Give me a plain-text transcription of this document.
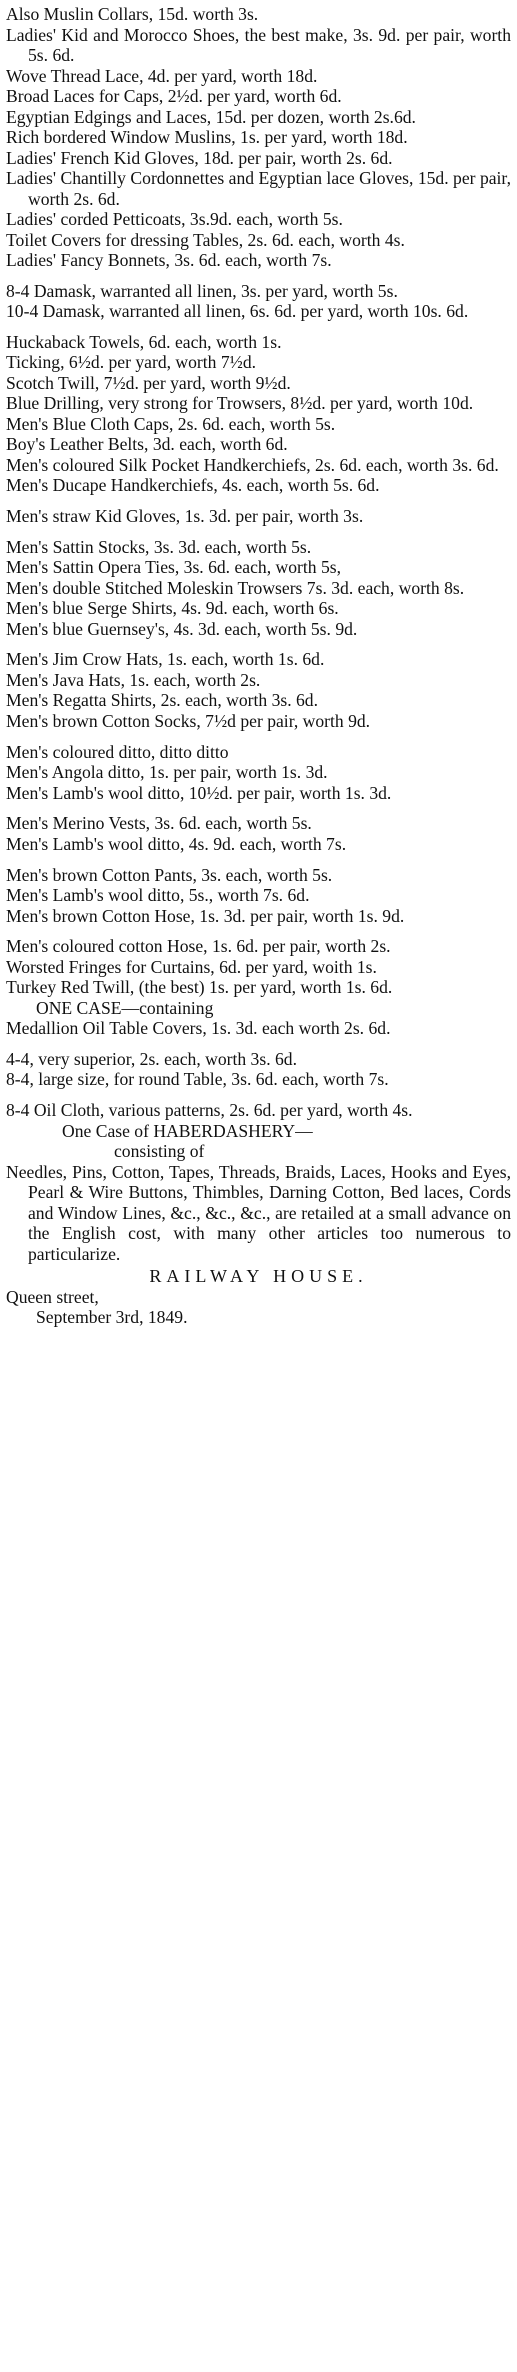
Also Muslin Collars, 15d. worth 3s.

Ladies' Kid and Morocco Shoes, the best make, 3s. 9d. per pair, worth 5s. 6d.

Wove Thread Lace, 4d. per yard, worth 18d.

Broad Laces for Caps, 2½d. per yard, worth 6d.

Egyptian Edgings and Laces, 15d. per dozen, worth 2s.6d.

Rich bordered Window Muslins, 1s. per yard, worth 18d.

Ladies' French Kid Gloves, 18d. per pair, worth 2s. 6d.

Ladies' Chantilly Cordonnettes and Egyptian lace Gloves, 15d. per pair, worth 2s. 6d.

Ladies' corded Petticoats, 3s.9d. each, worth 5s.

Toilet Covers for dressing Tables, 2s. 6d. each, worth 4s.

Ladies' Fancy Bonnets, 3s. 6d. each, worth 7s.

8-4 Damask, warranted all linen, 3s. per yard, worth 5s.

10-4 Damask, warranted all linen, 6s. 6d. per yard, worth 10s. 6d.

Huckaback Towels, 6d. each, worth 1s.

Ticking, 6½d. per yard, worth 7½d.

Scotch Twill, 7½d. per yard, worth 9½d.

Blue Drilling, very strong for Trowsers, 8½d. per yard, worth 10d.

Men's Blue Cloth Caps, 2s. 6d. each, worth 5s.

Boy's Leather Belts, 3d. each, worth 6d.

Men's coloured Silk Pocket Handkerchiefs, 2s. 6d. each, worth 3s. 6d.

Men's Ducape Handkerchiefs, 4s. each, worth 5s. 6d.

Men's straw Kid Gloves, 1s. 3d. per pair, worth 3s.

Men's Sattin Stocks, 3s. 3d. each, worth 5s.

Men's Sattin Opera Ties, 3s. 6d. each, worth 5s,

Men's double Stitched Moleskin Trowsers 7s. 3d. each, worth 8s.

Men's blue Serge Shirts, 4s. 9d. each, worth 6s.

Men's blue Guernsey's, 4s. 3d. each, worth 5s. 9d.

Men's Jim Crow Hats, 1s. each, worth 1s. 6d.

Men's Java Hats, 1s. each, worth 2s.

Men's Regatta Shirts, 2s. each, worth 3s. 6d.

Men's brown Cotton Socks, 7½d per pair, worth 9d.

Men's coloured ditto, ditto ditto

Men's Angola ditto, 1s. per pair, worth 1s. 3d.

Men's Lamb's wool ditto, 10½d. per pair, worth 1s. 3d.

Men's Merino Vests, 3s. 6d. each, worth 5s.

Men's Lamb's wool ditto, 4s. 9d. each, worth 7s.

Men's brown Cotton Pants, 3s. each, worth 5s.

Men's Lamb's wool ditto, 5s., worth 7s. 6d.

Men's brown Cotton Hose, 1s. 3d. per pair, worth 1s. 9d.

Men's coloured cotton Hose, 1s. 6d. per pair, worth 2s.

Worsted Fringes for Curtains, 6d. per yard, woith 1s.

Turkey Red Twill, (the best) 1s. per yard, worth 1s. 6d.

ONE CASE—containing

Medallion Oil Table Covers, 1s. 3d. each worth 2s. 6d.

4-4, very superior, 2s. each, worth 3s. 6d.

8-4, large size, for round Table, 3s. 6d. each, worth 7s.

8-4 Oil Cloth, various patterns, 2s. 6d. per yard, worth 4s.

One Case of HABERDASHERY—

consisting of

Needles, Pins, Cotton, Tapes, Threads, Braids, Laces, Hooks and Eyes, Pearl & Wire Buttons, Thimbles, Darning Cotton, Bed laces, Cords and Window Lines, &c., &c., &c., are retailed at a small advance on the English cost, with many other articles too numerous to particularize.

RAILWAY HOUSE.

Queen street,

September 3rd, 1849.
